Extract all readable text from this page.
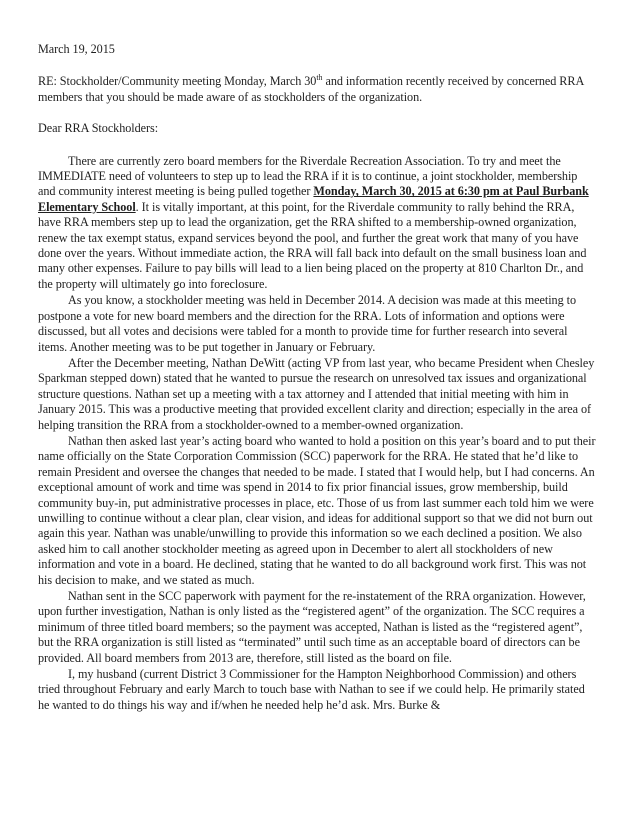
March 19, 2015

RE: Stockholder/Community meeting Monday, March 30th and information recently received by concerned RRA members that you should be made aware of as stockholders of the organization.

Dear RRA Stockholders:

There are currently zero board members for the Riverdale Recreation Association. To try and meet the IMMEDIATE need of volunteers to step up to lead the RRA if it is to continue, a joint stockholder, membership and community interest meeting is being pulled together Monday, March 30, 2015 at 6:30 pm at Paul Burbank Elementary School. It is vitally important, at this point, for the Riverdale community to rally behind the RRA, have RRA members step up to lead the organization, get the RRA shifted to a membership-owned organization, renew the tax exempt status, expand services beyond the pool, and further the great work that many of you have done over the years. Without immediate action, the RRA will fall back into default on the small business loan and many other expenses. Failure to pay bills will lead to a lien being placed on the property at 810 Charlton Dr., and the property will ultimately go into foreclosure.

As you know, a stockholder meeting was held in December 2014. A decision was made at this meeting to postpone a vote for new board members and the direction for the RRA. Lots of information and options were discussed, but all votes and decisions were tabled for a month to provide time for further research into several items. Another meeting was to be put together in January or February.

After the December meeting, Nathan DeWitt (acting VP from last year, who became President when Chesley Sparkman stepped down) stated that he wanted to pursue the research on unresolved tax issues and organizational structure questions. Nathan set up a meeting with a tax attorney and I attended that initial meeting with him in January 2015. This was a productive meeting that provided excellent clarity and direction; especially in the area of helping transition the RRA from a stockholder-owned to a member-owned organization.

Nathan then asked last year’s acting board who wanted to hold a position on this year’s board and to put their name officially on the State Corporation Commission (SCC) paperwork for the RRA. He stated that he’d like to remain President and oversee the changes that needed to be made. I stated that I would help, but I had concerns. An exceptional amount of work and time was spend in 2014 to fix prior financial issues, grow membership, build community buy-in, put administrative processes in place, etc. Those of us from last summer each told him we were unwilling to continue without a clear plan, clear vision, and ideas for additional support so that we did not burn out again this year. Nathan was unable/unwilling to provide this information so we each declined a position. We also asked him to call another stockholder meeting as agreed upon in December to alert all stockholders of new information and vote in a board. He declined, stating that he wanted to do all background work first. This was not his decision to make, and we stated as much.

Nathan sent in the SCC paperwork with payment for the re-instatement of the RRA organization. However, upon further investigation, Nathan is only listed as the “registered agent” of the organization. The SCC requires a minimum of three titled board members; so the payment was accepted, Nathan is listed as the “registered agent”, but the RRA organization is still listed as “terminated” until such time as an acceptable board of directors can be provided. All board members from 2013 are, therefore, still listed as the board on file.

I, my husband (current District 3 Commissioner for the Hampton Neighborhood Commission) and others tried throughout February and early March to touch base with Nathan to see if we could help. He primarily stated he wanted to do things his way and if/when he needed help he’d ask. Mrs. Burke &
